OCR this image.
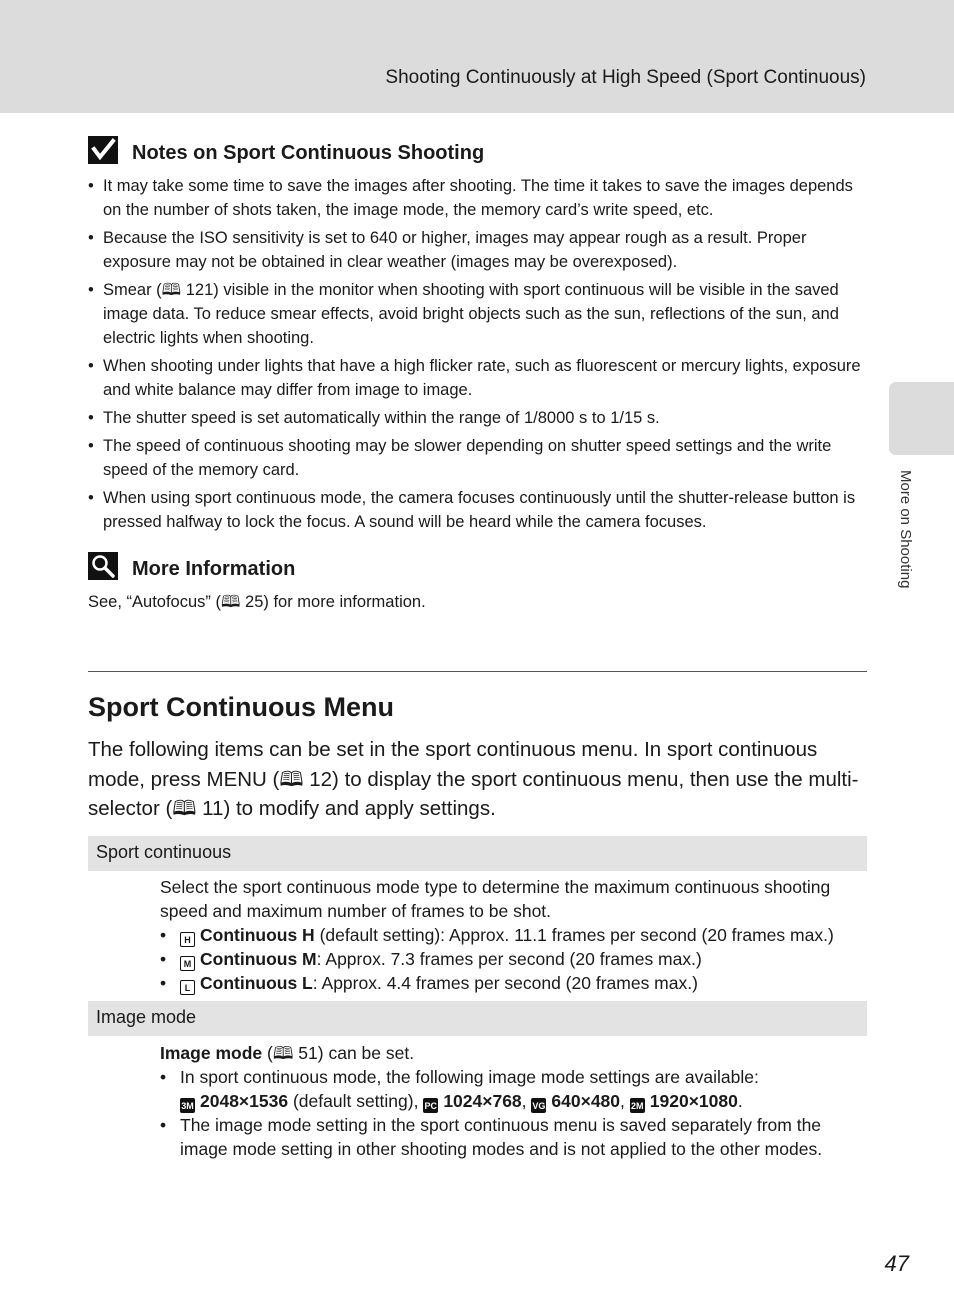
Shooting Continuously at High Speed (Sport Continuous)
More on Shooting
Notes on Sport Continuous Shooting
• It may take some time to save the images after shooting. The time it takes to save the images depends on the number of shots taken, the image mode, the memory card’s write speed, etc.
• Because the ISO sensitivity is set to 640 or higher, images may appear rough as a result. Proper exposure may not be obtained in clear weather (images may be overexposed).
• Smear (🕮 121) visible in the monitor when shooting with sport continuous will be visible in the saved image data. To reduce smear effects, avoid bright objects such as the sun, reflections of the sun, and electric lights when shooting.
• When shooting under lights that have a high flicker rate, such as fluorescent or mercury lights, exposure and white balance may differ from image to image.
• The shutter speed is set automatically within the range of 1/8000 s to 1/15 s.
• The speed of continuous shooting may be slower depending on shutter speed settings and the write speed of the memory card.
• When using sport continuous mode, the camera focuses continuously until the shutter-release button is pressed halfway to lock the focus. A sound will be heard while the camera focuses.
More Information
See, “Autofocus” (🕮 25) for more information.
Sport Continuous Menu
The following items can be set in the sport continuous menu. In sport continuous mode, press MENU (🕮 12) to display the sport continuous menu, then use the multi-selector (🕮 11) to modify and apply settings.
Sport continuous
Select the sport continuous mode type to determine the maximum continuous shooting speed and maximum number of frames to be shot.
• H Continuous H (default setting): Approx. 11.1 frames per second (20 frames max.)
• M Continuous M: Approx. 7.3 frames per second (20 frames max.)
• L Continuous L: Approx. 4.4 frames per second (20 frames max.)
Image mode
Image mode (🕮 51) can be set.
• In sport continuous mode, the following image mode settings are available:
3M 2048×1536 (default setting), PC 1024×768, VGA640×480, 2M 1920×1080.
• The image mode setting in the sport continuous menu is saved separately from the image mode setting in other shooting modes and is not applied to the other modes.
47
